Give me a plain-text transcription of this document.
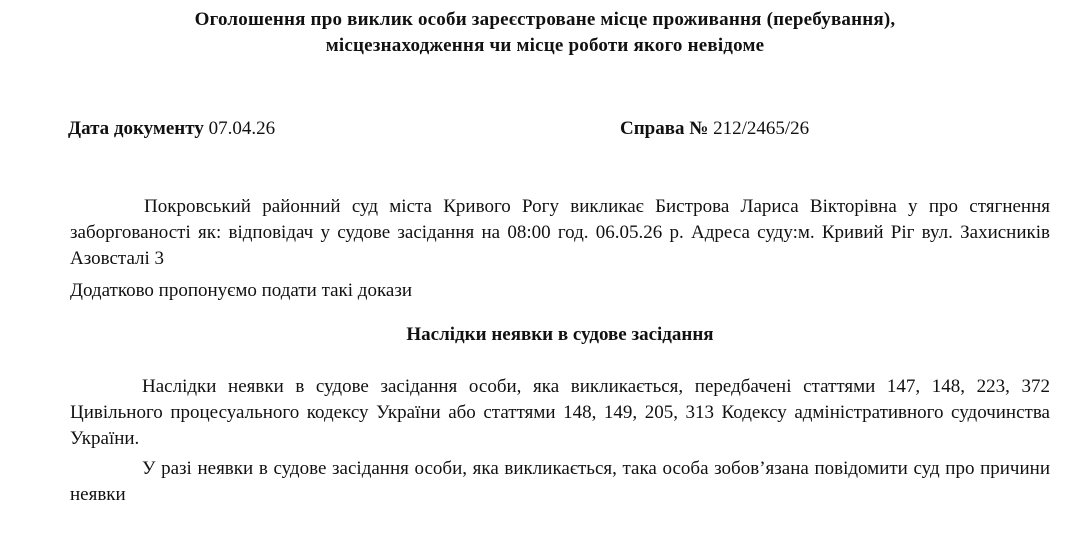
Оголошення про виклик особи зареєстроване місце проживання (перебування),
місцезнаходження чи місце роботи якого невідоме
Дата документу 07.04.26	Справа № 212/2465/26
Покровський районний суд міста Кривого Рогу викликає Бистрова Лариса Вікторівна у про стягнення заборгованості як: відповідач у судове засідання на 08:00 год. 06.05.26 р. Адреса суду:м. Кривий Ріг вул. Захисників Азовсталі 3
Додатково пропонуємо подати такі докази
Наслідки неявки в судове засідання
Наслідки неявки в судове засідання особи, яка викликається, передбачені статтями 147, 148, 223, 372 Цивільного процесуального кодексу України або статтями 148, 149, 205, 313 Кодексу адміністративного судочинства України.
У разі неявки в судове засідання особи, яка викликається, така особа зобов’язана повідомити суд про причини неявки
